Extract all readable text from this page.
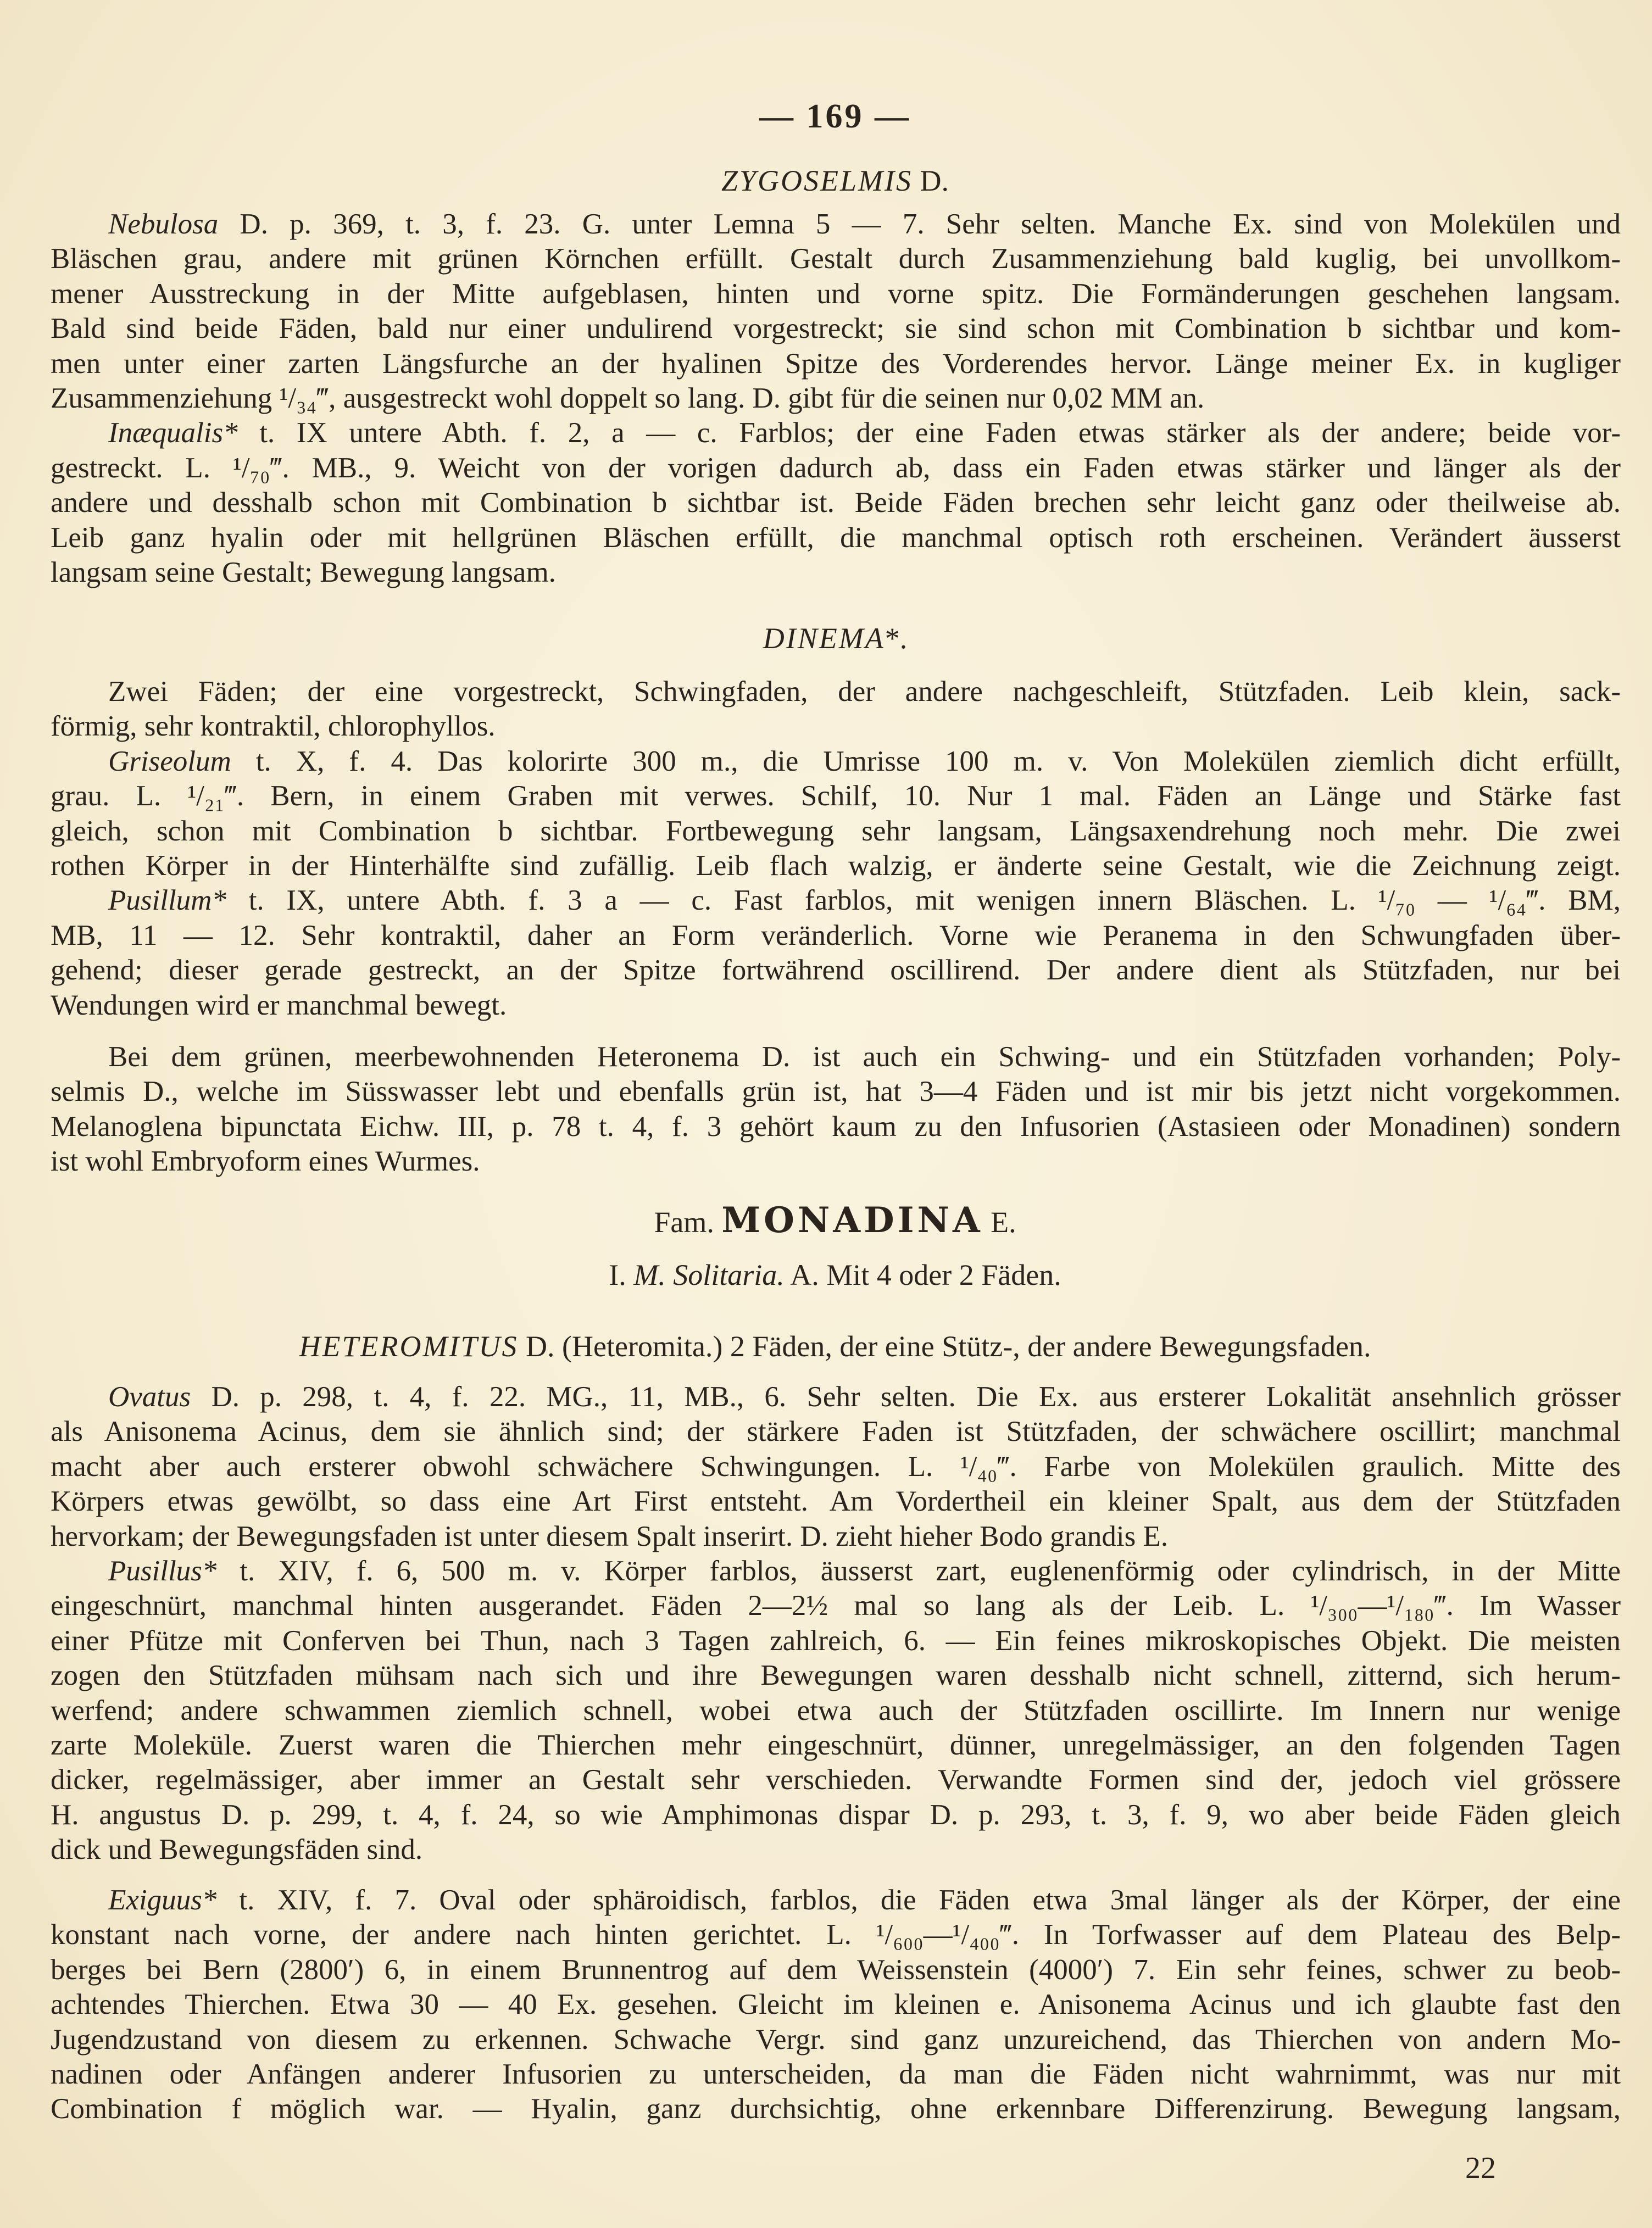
— 169 —
ZYGOSELMIS D.
Nebulosa D. p. 369, t. 3, f. 23. G. unter Lemna 5 — 7. Sehr selten. Manche Ex. sind von Molekülen und
Bläschen grau, andere mit grünen Körnchen erfüllt. Gestalt durch Zusammenziehung bald kuglig, bei unvollkom-
mener Ausstreckung in der Mitte aufgeblasen, hinten und vorne spitz. Die Formänderungen geschehen langsam.
Bald sind beide Fäden, bald nur einer undulirend vorgestreckt; sie sind schon mit Combination b sichtbar und kom-
men unter einer zarten Längsfurche an der hyalinen Spitze des Vorderendes hervor. Länge meiner Ex. in kugliger
Zusammenziehung ¹/₃₄‴, ausgestreckt wohl doppelt so lang. D. gibt für die seinen nur 0,02 MM an.
Inæqualis* t. IX untere Abth. f. 2, a — c. Farblos; der eine Faden etwas stärker als der andere; beide vor-
gestreckt. L. ¹/₇₀‴. MB., 9. Weicht von der vorigen dadurch ab, dass ein Faden etwas stärker und länger als der
andere und desshalb schon mit Combination b sichtbar ist. Beide Fäden brechen sehr leicht ganz oder theilweise ab.
Leib ganz hyalin oder mit hellgrünen Bläschen erfüllt, die manchmal optisch roth erscheinen. Verändert äusserst
langsam seine Gestalt; Bewegung langsam.
DINEMA*.
Zwei Fäden; der eine vorgestreckt, Schwingfaden, der andere nachgeschleift, Stützfaden. Leib klein, sack-
förmig, sehr kontraktil, chlorophyllos.
Griseolum t. X, f. 4. Das kolorirte 300 m., die Umrisse 100 m. v. Von Molekülen ziemlich dicht erfüllt,
grau. L. ¹/₂₁‴. Bern, in einem Graben mit verwes. Schilf, 10. Nur 1 mal. Fäden an Länge und Stärke fast
gleich, schon mit Combination b sichtbar. Fortbewegung sehr langsam, Längsaxendrehung noch mehr. Die zwei
rothen Körper in der Hinterhälfte sind zufällig. Leib flach walzig, er änderte seine Gestalt, wie die Zeichnung zeigt.
Pusillum* t. IX, untere Abth. f. 3 a — c. Fast farblos, mit wenigen innern Bläschen. L. ¹/₇₀ — ¹/₆₄‴. BM,
MB, 11 — 12. Sehr kontraktil, daher an Form veränderlich. Vorne wie Peranema in den Schwungfaden über-
gehend; dieser gerade gestreckt, an der Spitze fortwährend oscillirend. Der andere dient als Stützfaden, nur bei
Wendungen wird er manchmal bewegt.
Bei dem grünen, meerbewohnenden Heteronema D. ist auch ein Schwing- und ein Stützfaden vorhanden; Poly-
selmis D., welche im Süsswasser lebt und ebenfalls grün ist, hat 3—4 Fäden und ist mir bis jetzt nicht vorgekommen.
Melanoglena bipunctata Eichw. III, p. 78 t. 4, f. 3 gehört kaum zu den Infusorien (Astasieen oder Monadinen) sondern
ist wohl Embryoform eines Wurmes.
Fam. MONADINA E.
I. M. Solitaria. A. Mit 4 oder 2 Fäden.
HETEROMITUS D. (Heteromita.) 2 Fäden, der eine Stütz-, der andere Bewegungsfaden.
Ovatus D. p. 298, t. 4, f. 22. MG., 11, MB., 6. Sehr selten. Die Ex. aus ersterer Lokalität ansehnlich grösser
als Anisonema Acinus, dem sie ähnlich sind; der stärkere Faden ist Stützfaden, der schwächere oscillirt; manchmal
macht aber auch ersterer obwohl schwächere Schwingungen. L. ¹/₄₀‴. Farbe von Molekülen graulich. Mitte des
Körpers etwas gewölbt, so dass eine Art First entsteht. Am Vordertheil ein kleiner Spalt, aus dem der Stützfaden
hervorkam; der Bewegungsfaden ist unter diesem Spalt inserirt. D. zieht hieher Bodo grandis E.
Pusillus* t. XIV, f. 6, 500 m. v. Körper farblos, äusserst zart, euglenenförmig oder cylindrisch, in der Mitte
eingeschnürt, manchmal hinten ausgerandet. Fäden 2—2½ mal so lang als der Leib. L. ¹/₃₀₀—¹/₁₈₀‴. Im Wasser
einer Pfütze mit Conferven bei Thun, nach 3 Tagen zahlreich, 6. — Ein feines mikroskopisches Objekt. Die meisten
zogen den Stützfaden mühsam nach sich und ihre Bewegungen waren desshalb nicht schnell, zitternd, sich herum-
werfend; andere schwammen ziemlich schnell, wobei etwa auch der Stützfaden oscillirte. Im Innern nur wenige
zarte Moleküle. Zuerst waren die Thierchen mehr eingeschnürt, dünner, unregelmässiger, an den folgenden Tagen
dicker, regelmässiger, aber immer an Gestalt sehr verschieden. Verwandte Formen sind der, jedoch viel grössere
H. angustus D. p. 299, t. 4, f. 24, so wie Amphimonas dispar D. p. 293, t. 3, f. 9, wo aber beide Fäden gleich
dick und Bewegungsfäden sind.
Exiguus* t. XIV, f. 7. Oval oder sphäroidisch, farblos, die Fäden etwa 3mal länger als der Körper, der eine
konstant nach vorne, der andere nach hinten gerichtet. L. ¹/₆₀₀—¹/₄₀₀‴. In Torfwasser auf dem Plateau des Belp-
berges bei Bern (2800′) 6, in einem Brunnentrog auf dem Weissenstein (4000′) 7. Ein sehr feines, schwer zu beob-
achtendes Thierchen. Etwa 30 — 40 Ex. gesehen. Gleicht im kleinen e. Anisonema Acinus und ich glaubte fast den
Jugendzustand von diesem zu erkennen. Schwache Vergr. sind ganz unzureichend, das Thierchen von andern Mo-
nadinen oder Anfängen anderer Infusorien zu unterscheiden, da man die Fäden nicht wahrnimmt, was nur mit
Combination f möglich war. — Hyalin, ganz durchsichtig, ohne erkennbare Differenzirung. Bewegung langsam,
22
